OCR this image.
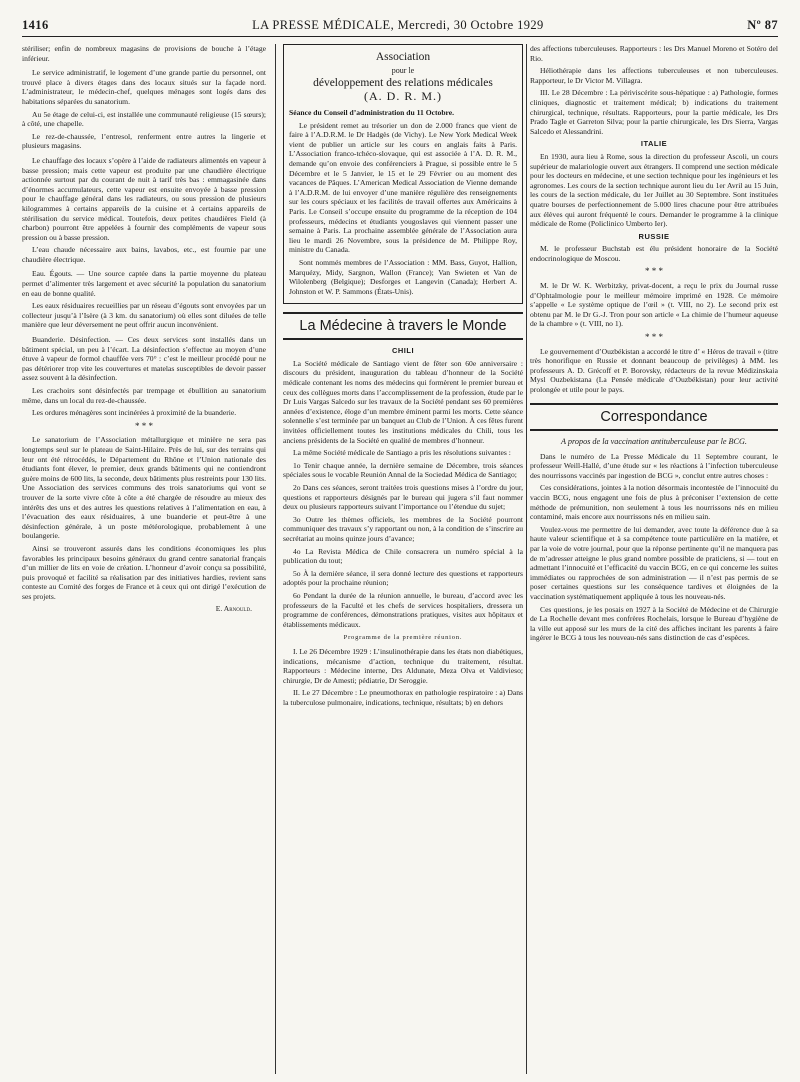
1416	LA PRESSE MÉDICALE, Mercredi, 30 Octobre 1929	Nº 87

stériliser; enfin de nombreux magasins de provisions de bouche à l’étage inférieur.

Le service administratif, le logement d’une grande partie du personnel, ont trouvé place à divers étages dans des locaux situés sur la façade nord. L’administrateur, le médecin-chef, quelques ménages sont logés dans des habitations séparées du sanatorium.

Au 5e étage de celui-ci, est installée une communauté religieuse (15 sœurs); à côté, une chapelle.

Le rez-de-chaussée, l’entresol, renferment entre autres la lingerie et plusieurs magasins.

Le chauffage des locaux s’opère à l’aide de radiateurs alimentés en vapeur à basse pression; mais cette vapeur est produite par une chaudière électrique actionnée surtout par du courant de nuit à tarif très bas : emmagasinée dans d’énormes accumulateurs, cette vapeur est ensuite envoyée à basse pression pour le chauffage général dans les radiateurs, ou sous pression de plusieurs kilogrammes à certains appareils de la cuisine et à certains appareils de stérilisation du service médical. Toutefois, deux petites chaudières Field (à charbon) pourront être appelées à fournir des compléments de vapeur sous pression ou à basse pression.

L’eau chaude nécessaire aux bains, lavabos, etc., est fournie par une chaudière électrique.

Eau. Égouts. — Une source captée dans la partie moyenne du plateau permet d’alimenter très largement et avec sécurité la population du sanatorium en eau de bonne qualité.

Les eaux résiduaires recueillies par un réseau d’égouts sont envoyées par un collecteur jusqu’à l’Isère (à 3 km. du sanatorium) où elles sont diluées de telle manière que leur déversement ne peut offrir aucun inconvénient.

Buanderie. Désinfection. — Ces deux services sont installés dans un bâtiment spécial, un peu à l’écart. La désinfection s’effectue au moyen d’une étuve à vapeur de formol chauffée vers 70° : c’est le meilleur procédé pour ne pas détériorer trop vite les couvertures et matelas susceptibles de devoir passer assez souvent à la désinfection.

Les crachoirs sont désinfectés par trempage et ébullition au sanatorium même, dans un local du rez-de-chaussée.

Les ordures ménagères sont incinérées à proximité de la buanderie.

* * *

Le sanatorium de l’Association métallurgique et minière ne sera pas longtemps seul sur le plateau de Saint-Hilaire. Près de lui, sur des terrains qui leur ont été rétrocédés, le Département du Rhône et l’Union nationale des étudiants font élever, le premier, deux grands bâtiments qui ne contiendront guère moins de 600 lits, la seconde, deux bâtiments plus restreints pour 130 lits. Une Association des services communs des trois sanatoriums qui vont se trouver de la sorte vivre côte à côte a été chargée de résoudre au mieux des intérêts des uns et des autres les questions relatives à l’alimentation en eau, à l’évacuation des eaux résiduaires, à une buanderie et peut-être à une désinfection générale, à un poste météorologique, probablement à une boulangerie.

Ainsi se trouveront assurés dans les conditions économiques les plus favorables les principaux besoins généraux du grand centre sanatorial français d’un millier de lits en voie de création. L’honneur d’avoir conçu sa possibilité, puis provoqué et facilité sa réalisation par des initiatives hardies, revient sans conteste au Comité des forges de France et à ceux qui ont dirigé l’exécution de ses projets.

E. Arnould.

Association
pour le
développement des relations médicales
(A. D. R. M.)

Séance du Conseil d’administration du 11 Octobre.

Le président remet au trésorier un don de 2.000 francs que vient de faire à l’A.D.R.M. le Dr Hadgès (de Vichy). Le New York Medical Week vient de publier un article sur les cours en anglais faits à Paris. L’Association franco-tchéco-slovaque, qui est associée à l’A. D. R. M., demande qu’on envoie des conférenciers à Prague, si possible entre le 5 Décembre et le 5 Janvier, le 15 et le 29 Février ou au moment des vacances de Pâques. L’American Medical Association de Vienne demande à l’A.D.R.M. de lui envoyer d’une manière régulière des renseignements sur les cours spéciaux et les facilités de travail offertes aux Américains à Paris. Le Conseil s’occupe ensuite du programme de la réception de 104 professeurs, médecins et étudiants yougoslaves qui viennent passer une semaine à Paris. La prochaine assemblée générale de l’Association aura lieu le mardi 26 Novembre, sous la présidence de M. Philippe Roy, ministre du Canada.

Sont nommés membres de l’Association : MM. Bass, Guyot, Hallion, Marquézy, Midy, Sargnon, Wallon (France); Van Swieten et Van de Wilolenberg (Belgique); Desforges et Langevin (Canada); Herbert A. Johnston et W. P. Sammons (États-Unis).

La Médecine à travers le Monde
CHILI

La Société médicale de Santiago vient de fêter son 60e anniversaire : discours du président, inauguration du tableau d’honneur de la Société médicale contenant les noms des médecins qui formèrent le premier bureau et ceux des collègues morts dans l’accomplissement de la profession, étude par le Dr Luis Vargas Salcedo sur les travaux de la Société pendant ses 60 premières années d’existence, éloge d’un membre éminent parmi les morts. Cette séance solennelle s’est terminée par un banquet au Club de l’Union. À ces fêtes furent invitées officiellement toutes les institutions médicales du Chili, tous les anciens présidents de la Société en qualité de membres d’honneur.

La même Société médicale de Santiago a pris les résolutions suivantes :

1o Tenir chaque année, la dernière semaine de Décembre, trois séances spéciales sous le vocable Reunión Annal de la Sociedad Médica de Santiago;

2o Dans ces séances, seront traitées trois questions mises à l’ordre du jour, questions et rapporteurs désignés par le bureau qui jugera s’il faut nommer deux ou plusieurs rapporteurs suivant l’importance ou l’étendue du sujet;

3o Outre les thèmes officiels, les membres de la Société pourront communiquer des travaux s’y rapportant ou non, à la condition de s’inscrire au secrétariat au moins quinze jours d’avance;

4o La Revista Médica de Chile consacrera un numéro spécial à la publication du tout;

5o À la dernière séance, il sera donné lecture des questions et rapporteurs adoptés pour la prochaine réunion;

6o Pendant la durée de la réunion annuelle, le bureau, d’accord avec les professeurs de la Faculté et les chefs de services hospitaliers, dressera un programme de conférences, démonstrations pratiques, visites aux hôpitaux et établissements médicaux.

Programme de la première réunion.

I. Le 26 Décembre 1929 : L’insulinothérapie dans les états non diabétiques, indications, mécanisme d’action, technique du traitement, résultat. Rapporteurs : Médecine interne, Drs Aldunate, Meza Olva et Valdivieso; chirurgie, Dr de Amesti; pédiatrie, Dr Seroggie.

II. Le 27 Décembre : Le pneumothorax en pathologie respiratoire : a) Dans la tuberculose pulmonaire, indications, technique, résultats; b) en dehors

des affections tuberculeuses. Rapporteurs : les Drs Manuel Moreno et Sotéro del Rio.

Héliothérapie dans les affections tuberculeuses et non tuberculeuses. Rapporteur, le Dr Victor M. Villagra.

III. Le 28 Décembre : La périviscérite sous-hépatique : a) Pathologie, formes cliniques, diagnostic et traitement médical; b) indications du traitement chirurgical, technique, résultats. Rapporteurs, pour la partie médicale, les Drs Prado Tagle et Garreton Silva; pour la partie chirurgicale, les Drs Sierra, Vargas Salcedo et Alessandrini.

ITALIE

En 1930, aura lieu à Rome, sous la direction du professeur Ascoli, un cours supérieur de malariologie ouvert aux étrangers. Il comprend une section médicale pour les docteurs en médecine, et une section technique pour les ingénieurs et les agronomes. Les cours de la section technique auront lieu du 1er Avril au 15 Juin, les cours de la section médicale, du 1er Juillet au 30 Septembre. Sont instituées quatre bourses de perfectionnement de 5.000 lires chacune pour être attribuées aux élèves qui auront fréquenté le cours. Demander le programme à la clinique médicale de Rome (Policlinico Umberto Ier).

RUSSIE

M. le professeur Buchstab est élu président honoraire de la Société endocrinologique de Moscou.

* * *

M. le Dr W. K. Werbitzky, privat-docent, a reçu le prix du Journal russe d’Ophtalmologie pour le meilleur mémoire imprimé en 1928. Ce mémoire s’appelle « Le système optique de l’œil » (t. VIII, no 2). Le second prix est obtenu par M. le Dr G.-J. Tron pour son article « La chimie de l’humeur aqueuse de la chambre » (t. VIII, no 1).

* * *

Le gouvernement d’Ouzbékistan a accordé le titre d’ « Héros de travail » (titre très honorifique en Russie et donnant beaucoup de privilèges) à MM. les professeurs A. D. Grécoff et P. Borovsky, rédacteurs de la revue Médizinskaia Mysl Ouzbekistana (La Pensée médicale d’Ouzbékistan) pour leur activité prolongée et utile pour le pays.

Correspondance
A propos de la vaccination antituberculeuse par le BCG.

Dans le numéro de La Presse Médicale du 11 Septembre courant, le professeur Weill-Hallé, d’une étude sur « les réactions à l’infection tuberculeuse des nourrissons vaccinés par ingestion de BCG », conclut entre autres choses :

Ces considérations, jointes à la notion désormais incontestée de l’innocuité du vaccin BCG, nous engagent une fois de plus à préconiser l’extension de cette méthode de prémunition, non seulement à tous les nourrissons nés en milieu contaminé, mais encore aux nourrissons nés en milieu sain.

Voulez-vous me permettre de lui demander, avec toute la déférence due à sa haute valeur scientifique et à sa compétence toute particulière en la matière, et par la voie de votre journal, pour que la réponse pertinente qu’il ne manquera pas de m’adresser atteigne le plus grand nombre possible de praticiens, si — tout en admettant l’innocuité et l’efficacité du vaccin BCG, en ce qui concerne les suites immédiates ou rapprochées de son administration — il n’est pas permis de se poser certaines questions sur les conséquence tardives et éloignées de la vaccination systématiquement appliquée à tous les nouveau-nés.

Ces questions, je les posais en 1927 à la Société de Médecine et de Chirurgie de La Rochelle devant mes confrères Rochelais, lorsque le Bureau d’hygiène de la ville eut apposé sur les murs de la cité des affiches incitant les parents à faire ingérer le BCG à tous les nouveau-nés sans distinction de cas d’espèces.
